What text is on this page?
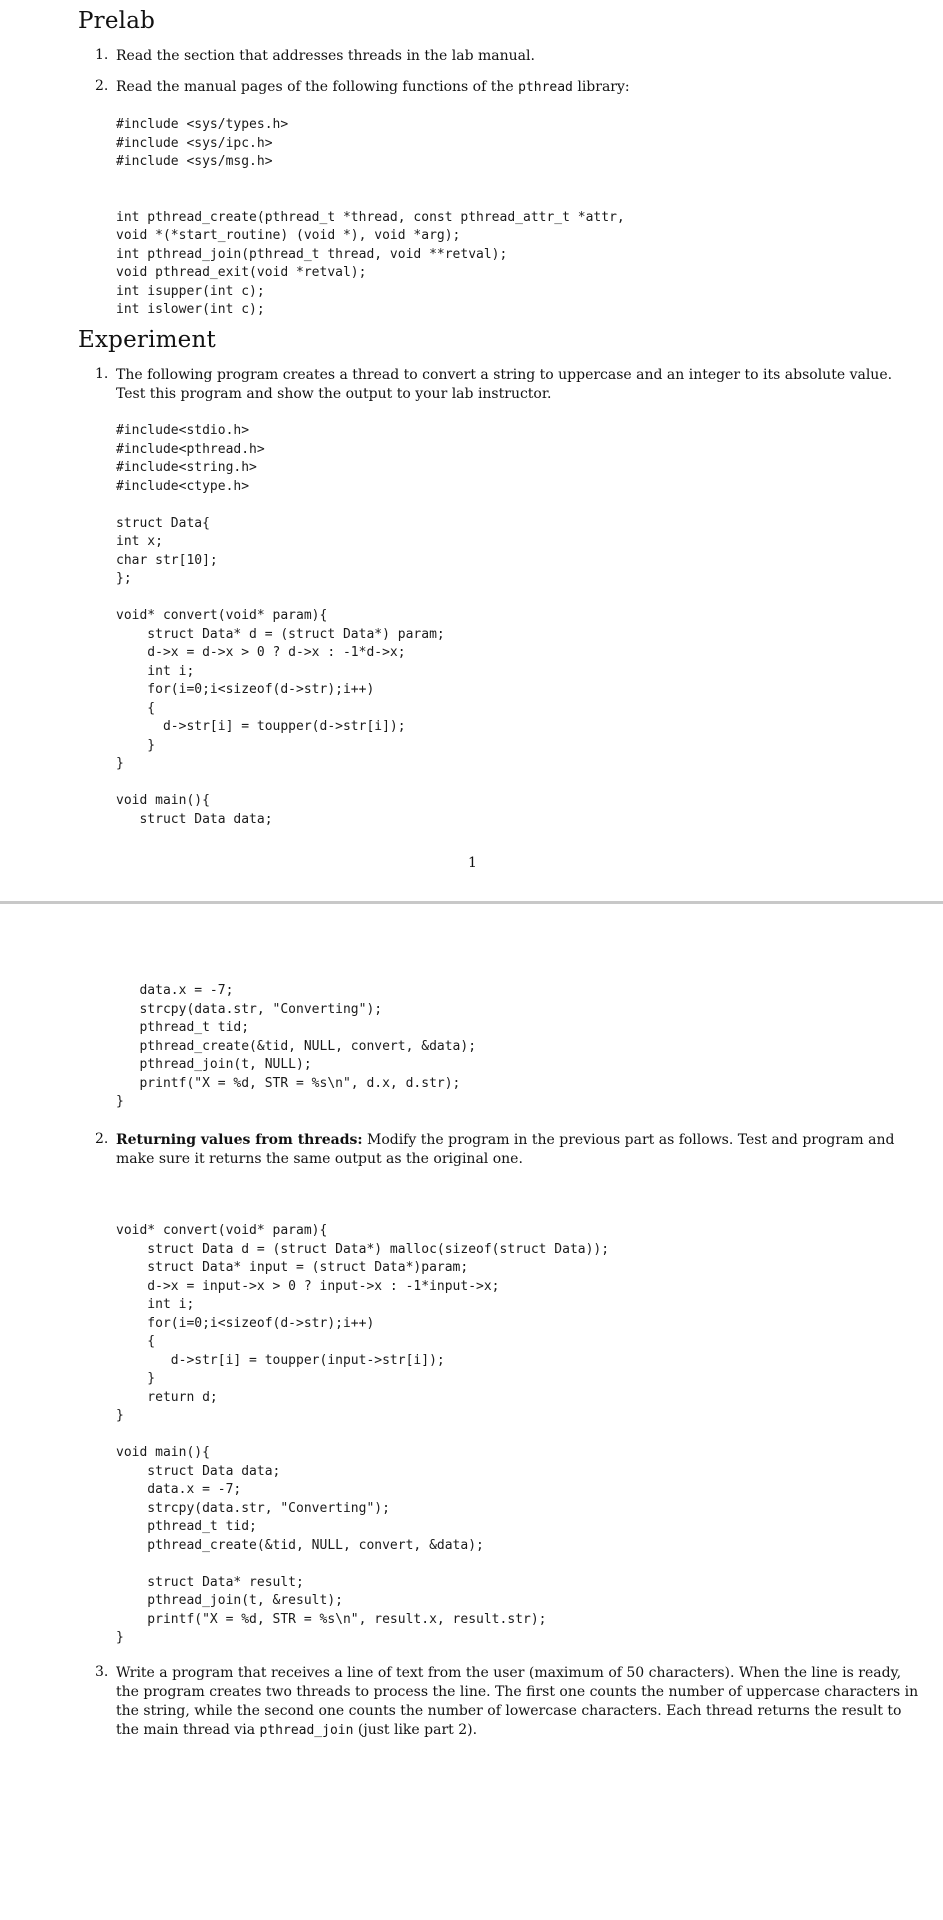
Prelab
1. Read the section that addresses threads in the lab manual.

2. Read the manual pages of the following functions of the pthread library:

#include <sys/types.h>
#include <sys/ipc.h>
#include <sys/msg.h>

int pthread_create(pthread_t *thread, const pthread_attr_t *attr,
void *(*start_routine) (void *), void *arg);
int pthread_join(pthread_t thread, void **retval);
void pthread_exit(void *retval);
int isupper(int c);
int islower(int c);
Experiment
1. The following program creates a thread to convert a string to uppercase and an integer to its absolute value.

Test this program and show the output to your lab instructor.

#include<stdio.h>
#include<pthread.h>
#include<string.h>
#include<ctype.h>

struct Data{
int x;
char str[10];
};

void* convert(void* param){
struct Data* d = (struct Data*) param;
d->x = d->x > 0 ? d->x : -1*d->x;
int i;
for(i=0;i<sizeof(d->str);i++)
{
d->str[i] = toupper(d->str[i]);
}
}

void main(){
struct Data data;
1
data.x = -7;
strcpy(data.str, "Converting");
pthread_t tid;
pthread_create(&tid, NULL, convert, &data);
pthread_join(t, NULL);
printf("X = %d, STR = %s\n", d.x, d.str);
}
2. Returning values from threads: Modify the program in the previous part as follows. Test and program and

make sure it returns the same output as the original one.

void* convert(void* param){
struct Data d = (struct Data*) malloc(sizeof(struct Data));
struct Data* input = (struct Data*)param;
d->x = input->x > 0 ? input->x : -1*input->x;
int i;
for(i=0;i<sizeof(d->str);i++)
{
d->str[i] = toupper(input->str[i]);
}
return d;
}

void main(){
struct Data data;
data.x = -7;
strcpy(data.str, "Converting");
pthread_t tid;
pthread_create(&tid, NULL, convert, &data);

struct Data* result;
pthread_join(t, &result);
printf("X = %d, STR = %s\n", result.x, result.str);
}
3. Write a program that receives a line of text from the user (maximum of 50 characters). When the line is ready,

the program creates two threads to process the line. The first one counts the number of uppercase characters in

the string, while the second one counts the number of lowercase characters. Each thread returns the result to

the main thread via pthread_join (just like part 2).
